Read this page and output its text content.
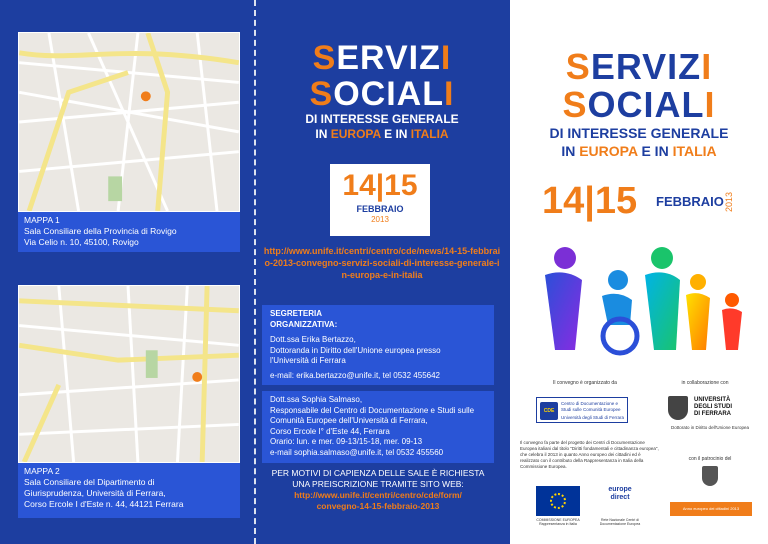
MAPPA 1
Sala Consiliare della Provincia di Rovigo
Via Celio n. 10, 45100, Rovigo
MAPPA 2
Sala Consiliare del Dipartimento di
Giurisprudenza, Università di Ferrara,
Corso Ercole I d'Este n. 44, 44121 Ferrara
SERVIZI
SOCIALI
DI INTERESSE GENERALE
IN EUROPA E IN ITALIA
14|15
FEBBRAIO
2013
http://www.unife.it/centri/centro/cde/news/14-15-febbraio-2013-convegno-servizi-sociali-di-interesse-generale-in-europa-e-in-italia
SEGRETERIA
ORGANIZZATIVA:
Dott.ssa Erika Bertazzo,
Dottoranda in Diritto dell'Unione europea presso
l'Università di Ferrara
e-mail: erika.bertazzo@unife.it, tel 0532 455642
Dott.ssa Sophia Salmaso,
Responsabile del Centro di Documentazione e Studi sulle
Comunità Europee dell'Università di Ferrara,
Corso Ercole I° d'Este 44, Ferrara
Orario: lun. e mer. 09-13/15-18, mer. 09-13
e-mail sophia.salmaso@unife.it, tel 0532 455560
PER MOTIVI DI CAPIENZA DELLE SALE È RICHIESTA
UNA PREISCRIZIONE TRAMITE SITO WEB:
http://www.unife.it/centri/centro/cde/form/
convegno-14-15-febbraio-2013
SERVIZI
SOCIALI
DI INTERESSE GENERALE
IN EUROPA E IN ITALIA
14|15 FEBBRAIO 2013
Il convegno è organizzato da	in collaborazione con
CDE
Centro di Documentazione e Studi sulle Comunità Europee
Università degli Studi di Ferrara
UNIVERSITÀ
DEGLI STUDI
DI FERRARA
Dottorato in Diritto dell'Unione Europea
Il convegno fa parte del progetto dei Centri di Documentazione Europea italiani dal titolo "Diritti fondamentali e cittadinanza europea", che celebra il 2013 in quanto Anno europeo dei cittadini ed è realizzato con il contributo della Rappresentanza in Italia della Commissione Europea.
con il patrocinio del
COMMISSIONE EUROPEA Rappresentanza in Italia
europe
direct
Rete Nazionale Centri di Documentazione Europea
Anno europeo dei cittadini 2013
